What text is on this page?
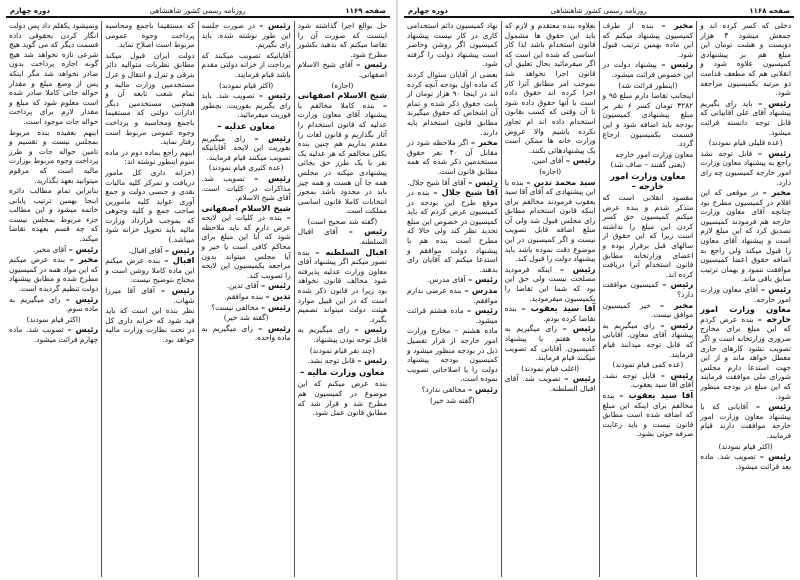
صفحه ۱۱۶۸
روزنامه رسمی کشور شاهنشاهی
دوره چهارم

دخلی که کسر کرده اند و جمعش میشود ۴ هزار دویست و هشت تومان این مبلغ هم بر پیشنهادی کمیسیون علاوه شود و انقلابی هم که مطعف قدامت دو مرتبه بکمیسیون مراجعه شود.

رئیس – باید رای بگیریم پیشنهاد آقای علی آقاییانی که قابل توجه دانسته قرائت میشود.

(عده قلیلی قیام نمودند)

رئیس – قابل توجه نشد راجع به پیشنهاد معاون وزارت امور خارجه کمیسیون چه رای دارد.

مخبر – در موقعی که این اقلام در کمیسیون مطرح بود چنانچه آقای معاون وزارت خارجه هم فرمودند کمیسیون تصدیق کرد که این مبلغ لازم است و پیشنهاد آقای معاون را قبول میکند ولی راجع به اضافه حقوق اعضا کمیسیون موافقت ننمود و بهمان ترتیب سابق باقی ماند.

رئیس – آقای معاون وزارت امور خارجه.

معاون وزارت امور خارجه – بنده عرض کردم که این مبلغ برای مخارج ضروری وزارتخانه است و اگر تصویب نشود کارهای جاری معطل خواهد ماند و از این جهت استدعا دارم مجلس شورای ملی موافقت فرمایند که این مبلغ در بودجه منظور شود.

رئیس – آقایانی که با پیشنهاد معاون وزارت امور خارجه موافقت دارند قیام فرمایند.

(اکثر قیام نمودند)

رئیس – تصویب شد. ماده بعد قرائت میشود.

مخبر – بنده از طرف کمیسیون پیشنهاد میکنم که این ماده بهمین ترتیب قبول شود.

رئیس – پیشنهاد دولت در این خصوص قرائت میشود.

(اینطور قرائت شد)

اینجانب تقاضا دارم مبلغ ۹۵ و ۳۲۸۲ تومان کسر ۶ نفر بر مبلغ پیشنهادی کمیسیون بودجه باید اضافه شود و این قسمت بکمیسیون ارجاع گردد.

معاون وزارت امور خارجه

(یعنی گفتند – صاف شد)

معاون وزارت امور خارجه –

مقصود انقلابی است که متذکر شدم و بنده عرض میکنم کمیسیون حق کسر کردن این مبلغ را نداشته است زیرا که این حقوق از سالهای قبل برقرار بوده و اعضای وزارتخانه مطابق قانون استخدام آنرا دریافت کرده اند.

رئیس – کمیسیون موافقت دارد؟

مخبر – خیر کمیسیون موافق نیست.

رئیس – رای میگیریم به پیشنهاد آقای معاون. آقایانی که قابل توجه میدانند قیام فرمایند.

(عده کمی قیام نمودند)

رئیس – قابل توجه نشد. آقای آقا سید یعقوب.

آقا سید یعقوب – بنده مخالفم برای اینکه این مبلغ که اضافه شده است مطابق قانون نیست و باید رعایت صرفه جوئی بشود.

بعلاوه بنده معتقدم و لازم که باید این حقوق ها مشمول قانون استخدام باشد لذا کار اساسی که شده این است که اگر میفرمائید بحال تعلیق آن قانون اجرا نخواهد شد بموجب امر مطابق آنرا کار اجرا کرده اند حقوق داده است با آنها حقوق داده شود تا آن وقتی که کسب بقانون استخدام داده اند ام تجاوز نکرده باشیم والا عروض وزارت خانه ها ممکن است یک پیشنهادهائی بکنند.

رئیس – آقای امین.

(اجازه)

سید محمد تدین – بنده با این پیشنهادی که آقای آقا سید یعقوب فرمودند مخالفم برای اینکه قانون استخدام مطابق رای مجلس قبول شد ولی آن مبلغ اضافه قابل تصویب نیست و اگر کمیسیون در این موضوع دقت نموده باشد باید پیشنهاد دولت را قبول کند.

رئیس – اینکه فرمودید مصلحت نیست ولی حق این بود که شما این تقاضا را بکمیسیون میفرمودید.

آقا سید یعقوب – بنده تقاضا کرده بودم.

رئیس – رای میگیریم به ماده هفتم با پیشنهاد کمیسیون. آقایانی که تصویب میکنند قیام فرمایند.

(اغلب قیام نمودند)

رئیس – تصویب شد. آقای اقبال السلطنه.

نهاد کمیسیون دائم استخدامی کاری در کار نیست پیشنهاد کمیسیون اگر روشن وحاضر است پیشنهاد دولت را گرفته شود.

بعضی از آقایان سئوال کردند که ماده اول بودجه آنچه کرده اند در اینجا ۹۰ هزار تومان از بابت حقوق ذکر شده و تمام آن اشخاص که حقوق میگیرند مطابق قانون استخدام پایه دارند.

مخبر – اگر ملاحظه شود در مقابل آن ۴۰ نفر حقوق مستخدمین ذکر شده که همه مطابق قانون است.

رئیس – آقای آقا شیخ جلال.

آقا شیخ جلال – بنده در موقع طرح این بودجه در کمیسیون عرض کردم که باید کمیسیون در خصوص این مبلغ تجدید نظر کند ولی حالا که مطرح است بنده هم با پیشنهاد دولت موافقم و استدعا میکنم که آقایان رای بدهند.

رئیس – آقای مدرس.

مدرس – بنده عرضی ندارم موافقم.

رئیس – ماده هشتم قرائت میشود.

ماده هشتم – مخارج وزارت امور خارجه از قرار تفصیل ذیل در بودجه منظور میشود و کمیسیون بودجه پیشنهاد دولت را با اصلاحاتی تصویب نموده است.

رئیس – مخالفی ندارد؟

(گفته شد خیر)

صفحه ۱۱۶۹
روزنامه رسمی کشور شاهنشاهی
دوره چهارم

حل بوالع اجرا گذاشته شود اینست که صورت آن را تقاضا میکنم که بدهید بکشور مطرح شود.

رئیس – آقای شیخ الاسلام اصفهانی.

(اجازه)

شیخ الاسلام اصفهانی – بنده کاملا مخالفم با پیشنهاد آقای معاون وزارت عدلیه که قانون استخدام را آثار بگذاریم و قانون لغات را مقدم بداریم هم چنین بنده بکلی مخالفم که هر عدلیه یک نفر با یک طرز حق بجائی پیشنهادی میکنه در مجلس همه جا آن هست و همه چیز باید در محدود باشد بمجوز انتخابات کاملا قانون اساسی مملکت است.

(گفته شد صحیح است)

رئیس – آقای اقبال السلطنه.

اقبال السلطنه – بنده تصور میکنم اگر پیشنهاد آقای معاون وزارت عدلیه پذیرفته شود مخالف قانون نخواهد بود زیرا در قانون ذکر شده است که در این قبیل موارد هیئت دولت میتواند تصمیم بگیرد.

رئیس – رای میگیریم به قابل توجه بودن پیشنهاد.

(چند نفر قیام نمودند)

رئیس – قابل توجه نشد.

معاون وزارت مالیه –

بنده عرض میکنم که این موضوع در کمیسیون هم مطرح شد و قرار شد که مطابق قانون عمل شود.

رئیس – در صورت جلسه این طور نوشته شده. باید رای بگیریم.

آقایانیکه تصویب میکنند که پرداخت از خزانه دولتی مقدم باشد قیام فرمایند.

(اکثر قیام نمودند)

رئیس – تصویب شد. باید رای بگیریم بفوریت. بچطور فوریت میفرمائید.

معاون عدلیه –

رئیس – رای میگیریم بفوریت این لایحه. آقایانیکه تصویب میکنند قیام فرمایند.

(عده کثیری قیام نمودند)

رئیس – تصویب شد. مذاکرات در کلیات است. آقای شیخ الاسلام.

شیخ الاسلام اصفهانی – بنده در کلیات این لایحه عرض دارم که باید ملاحظه شود که آیا این مبلغ برای محاکم کافی است یا خیر و آیا مجلس میتواند بدون مراجعه بکمیسیون این لایحه را تصویب کند.

رئیس – آقای تدین.

تدین – بنده موافقم.

رئیس – مخالفی نیست؟

(گفته شد خیر)

رئیس – رای میگیریم به ماده واحده.

که مستقیما باجمع ومحاسبه پرداخت وجوه عمومی مربوط است اصلاح نماید.

دولت ایران قبول میکند مطابق نظریات متوالیه دائر بترقی و تنزل و انتقال و عزل مستخدمین وزارت مالیه و تمام شعب تابعه آن و همچنین مستخدمین دیگر ادارات دولتی که مستقیما باجمع ومحاسبه و پرداخت وجوه عمومی مربوط است رفتار نماید.

اینهم راجع بماده دوم در ماده سوم اینطور نوشته اند:

(خزانه داری کل مامور دریافت و تمرکز کلیه مالیات نقدی و جنسی دولت و جمع آوری عواید کلیه مامورین صاحب جمع و کلیه وجوهی که بموجب قرارداد وزارت مالیه باید تحویل خزانه شود میباشد.)

رئیس – آقای اقبال.

اقبال – بنده عرض میکنم این ماده کاملا روشن است و محتاج بتوضیح نیست.

رئیس – آقای آقا میرزا شهاب.

نظر بنده این است که باید قید شود که خزانه داری کل در تحت نظارت وزارت مالیه خواهد بود.

ونمیشود یکقلم داد پس دولت انگار کردن بحقوقی داده قسمت دیگر که می گوید هیچ شرعی تازه نخواهد شد هیچ گونه اجازه پرداخت بدون صادر نخواهد شد مگر اینکه پس از وضع مبلغ و مقدار حواله جاتی کاملا صادر شده است معلوم شود که مبلغ و مقدار لازم برای پرداخت حواله جات موجود است.

اینهم بعقیده بنده مربوط بمجلس نیست و تقسیم و تامین حواله جات و طرز پرداخت وجوه مربوط بوزارت مالیه است که مرقوم میتوانید بعهد بگذارید.

بنابراین تمام مطالب دائره اینجا بهمین ترتیب پایانی خاتمه میشود و این مطالب جزء مربوط بمجلس نیست که چه قسم بعهده تقاضا میکند.

رئیس – آقای مخبر.

مخبر – بنده عرض میکنم که این مواد همه در کمیسیون مطرح شده و مطابق پیشنهاد دولت تنظیم گردیده است.

رئیس – رای میگیریم به ماده سوم.

(اکثر قیام نمودند)

رئیس – تصویب شد. ماده چهارم قرائت میشود.
